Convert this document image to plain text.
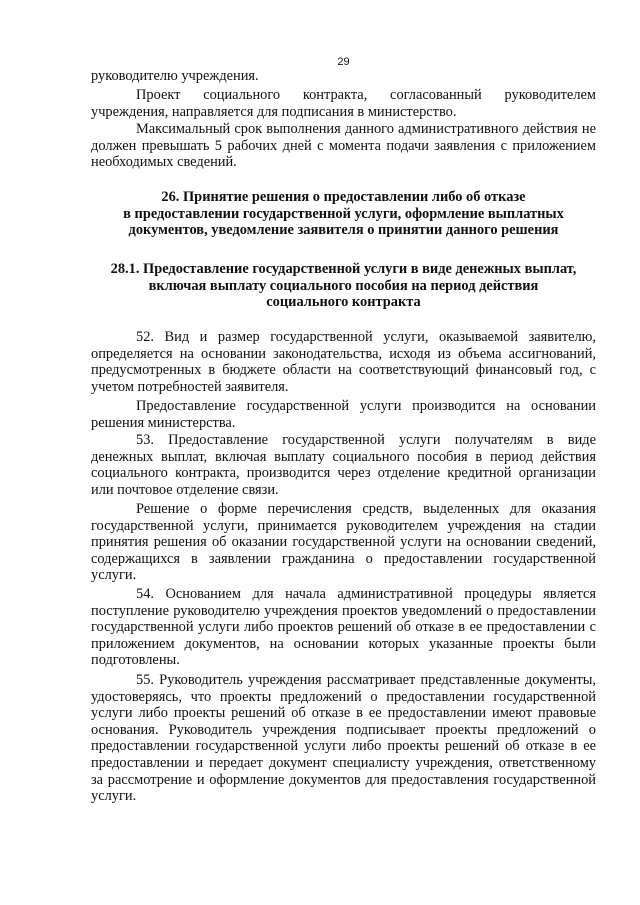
29

руководителю учреждения.

Проект социального контракта, согласованный руководителем учреждения, направляется для подписания в министерство.

Максимальный срок выполнения данного административного действия не должен превышать 5 рабочих дней с момента подачи заявления с приложением необходимых сведений.

26. Принятие решения о предоставлении либо об отказе

в предоставлении государственной услуги, оформление выплатных

документов, уведомление заявителя о принятии данного решения

28.1. Предоставление государственной услуги в виде денежных выплат,

включая выплату социального пособия на период действия

социального контракта

52. Вид и размер государственной услуги, оказываемой заявителю, определяется на основании законодательства, исходя из объема ассигнований, предусмотренных в бюджете области на соответствующий финансовый год, с учетом потребностей заявителя.

Предоставление государственной услуги производится на основании решения министерства.

53. Предоставление государственной услуги получателям в виде денежных выплат, включая выплату социального пособия в период действия социального контракта, производится через отделение кредитной организации или почтовое отделение связи.

Решение о форме перечисления средств, выделенных для оказания государственной услуги, принимается руководителем учреждения на стадии принятия решения об оказании государственной услуги на основании сведений, содержащихся в заявлении гражданина о предоставлении государственной услуги.

54. Основанием для начала административной процедуры является поступление руководителю учреждения проектов уведомлений о предоставлении государственной услуги либо проектов решений об отказе в ее предоставлении с приложением документов, на основании которых указанные проекты были подготовлены.

55. Руководитель учреждения рассматривает представленные документы, удостоверяясь, что проекты предложений о предоставлении государственной услуги либо проекты решений об отказе в ее предоставлении имеют правовые основания. Руководитель учреждения подписывает проекты предложений о предоставлении государственной услуги либо проекты решений об отказе в ее предоставлении и передает документ специалисту учреждения, ответственному за рассмотрение и оформление документов для предоставления государственной услуги.
